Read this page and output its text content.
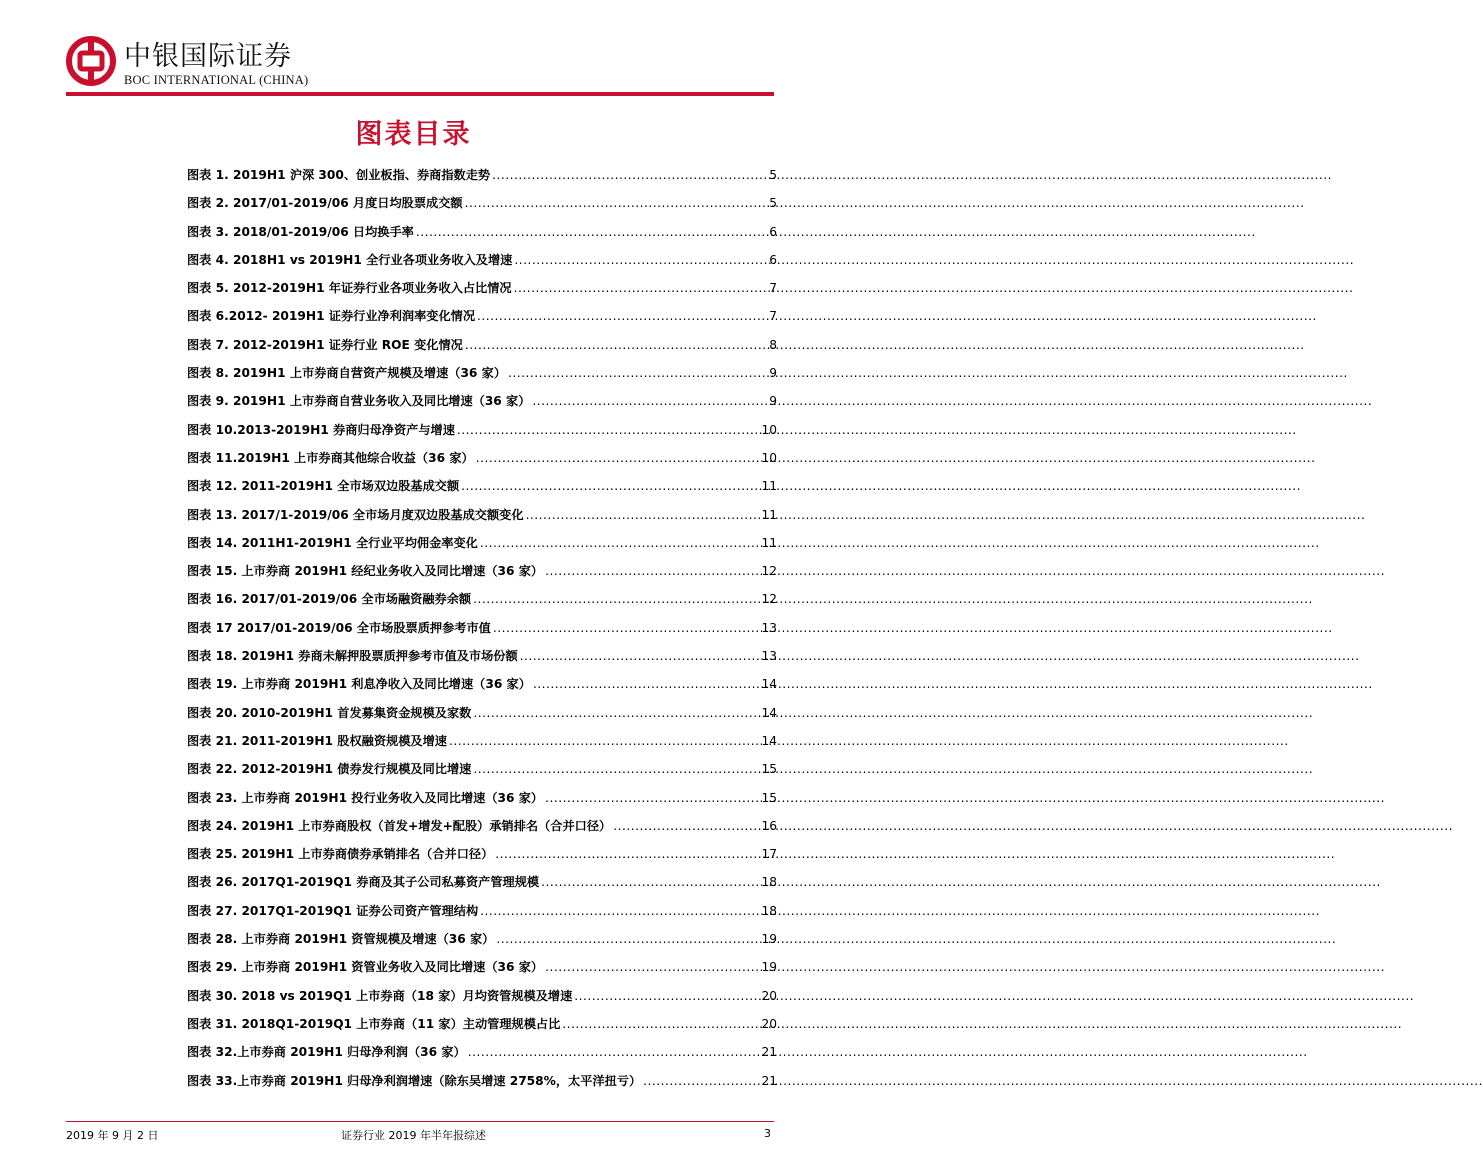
中银国际证券
BOC INTERNATIONAL (CHINA)
图表目录
图表 1. 2019H1 沪深 300、创业板指、券商指数走势 .....	5
图表 2. 2017/01-2019/06 月度日均股票成交额 .....	5
图表 3. 2018/01-2019/06 日均换手率 .....	6
图表 4. 2018H1 vs 2019H1 全行业各项业务收入及增速 .....	6
图表 5. 2012-2019H1 年证券行业各项业务收入占比情况 .....	7
图表 6.2012- 2019H1 证券行业净利润率变化情况 .....	7
图表 7. 2012-2019H1 证券行业 ROE 变化情况 .....	8
图表 8. 2019H1 上市券商自营资产规模及增速（36 家） .....	9
图表 9. 2019H1 上市券商自营业务收入及同比增速（36 家） .....	9
图表 10.2013-2019H1 券商归母净资产与增速 .....	10
图表 11.2019H1 上市券商其他综合收益（36 家） .....	10
图表 12. 2011-2019H1 全市场双边股基成交额 .....	11
图表 13. 2017/1-2019/06 全市场月度双边股基成交额变化 .....	11
图表 14. 2011H1-2019H1 全行业平均佣金率变化 .....	11
图表 15. 上市券商 2019H1 经纪业务收入及同比增速（36 家） .....	12
图表 16. 2017/01-2019/06 全市场融资融券余额 .....	12
图表 17 2017/01-2019/06 全市场股票质押参考市值 .....	13
图表 18. 2019H1 券商未解押股票质押参考市值及市场份额 .....	13
图表 19. 上市券商 2019H1 利息净收入及同比增速（36 家） .....	14
图表 20. 2010-2019H1 首发募集资金规模及家数 .....	14
图表 21. 2011-2019H1 股权融资规模及增速 .....	14
图表 22. 2012-2019H1 债券发行规模及同比增速 .....	15
图表 23. 上市券商 2019H1 投行业务收入及同比增速（36 家） .....	15
图表 24. 2019H1 上市券商股权（首发+增发+配股）承销排名（合并口径） .....	16
图表 25. 2019H1 上市券商债券承销排名（合并口径） .....	17
图表 26. 2017Q1-2019Q1 券商及其子公司私募资产管理规模 .....	18
图表 27. 2017Q1-2019Q1 证券公司资产管理结构 .....	18
图表 28. 上市券商 2019H1 资管规模及增速（36 家） .....	19
图表 29. 上市券商 2019H1 资管业务收入及同比增速（36 家） .....	19
图表 30. 2018 vs 2019Q1 上市券商（18 家）月均资管规模及增速 .....	20
图表 31. 2018Q1-2019Q1 上市券商（11 家）主动管理规模占比 .....	20
图表 32.上市券商 2019H1 归母净利润（36 家） .....	21
图表 33.上市券商 2019H1 归母净利润增速（除东吴增速 2758%，太平洋扭亏） .....	21
2019 年 9 月 2 日	证券行业 2019 年半年报综述	3
